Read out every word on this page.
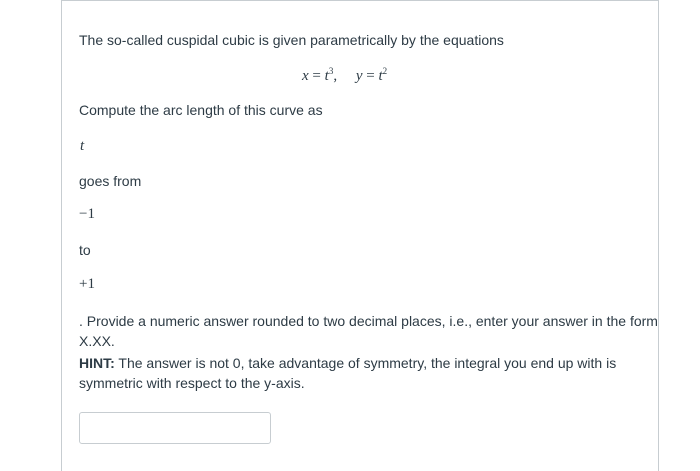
The so-called cuspidal cubic is given parametrically by the equations
$x = t^3$, $y = t^2$
Compute the arc length of this curve as
t
goes from
−1
to
+1
. Provide a numeric answer rounded to two decimal places, i.e., enter your answer in the form
X.XX.
HINT: The answer is not 0, take advantage of symmetry, the integral you end up with is
symmetric with respect to the y-axis.
